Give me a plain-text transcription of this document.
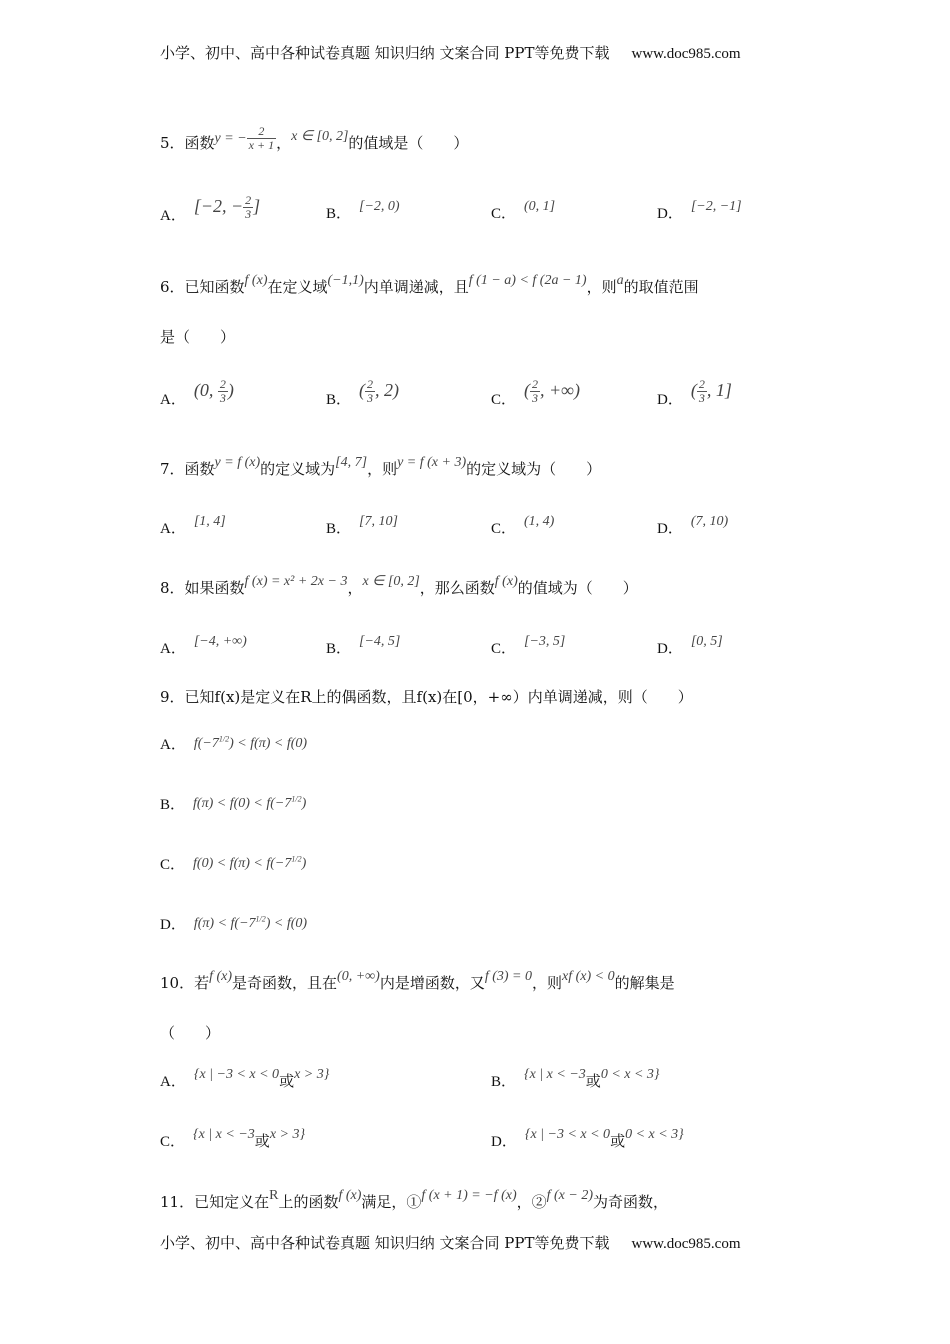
小学、初中、高中各种试卷真题 知识归纳 文案合同 PPT等免费下载 www.doc985.com
5．函数y = − $\frac{2}{x + 1}$ ，x ∈ [0, 2]的值域是（　　）
A． [−2, − $\frac{2}{3}$ ]	B． [−2, 0)	C． (0, 1]	D． [−2, −1]
6．已知函数f (x)在定义域(−1,1)内单调递减，且f (1 − a) < f (2a − 1)，则a的取值范围
是（　　）
A． (0, $\frac{2}{3}$ )	B． ( $\frac{2}{3}$ , 2)	C． ( $\frac{2}{3}$ , +∞)	D． ( $\frac{2}{3}$ , 1]
7．函数y = f (x)的定义域为[4, 7]，则y = f (x + 3)的定义域为（　　）
A． [1, 4]	B． [7, 10]	C． (1, 4)	D． (7, 10)
8．如果函数f (x) = x² + 2x − 3，x ∈ [0, 2]，那么函数f (x)的值域为（　　）
A． [−4, +∞)	B． [−4, 5]	C． [−3, 5]	D． [0, 5]
9．已知f(x)是定义在R上的偶函数，且f(x)在[0，+∞）内单调递减，则（　　）
A． $f(-7^{1/2}) < f(\pi) < f(0)$
B． $f(\pi) < f(0) < f(-7^{1/2})$
C． $f(0) < f(\pi) < f(-7^{1/2})$
D． $f(\pi) < f(-7^{1/2}) < f(0)$
10．若f (x)是奇函数，且在(0, +∞)内是增函数，又f (3) = 0，则xf (x) < 0的解集是
（　　）
A． {x | −3 < x < 0或x > 3}	B． {x | x < −3或0 < x < 3}
C． {x | x < −3或x > 3}	D． {x | −3 < x < 0或0 < x < 3}
11．已知定义在R上的函数f (x)满足，①f (x + 1) = −f (x)，②f (x − 2)为奇函数，
小学、初中、高中各种试卷真题 知识归纳 文案合同 PPT等免费下载 www.doc985.com
